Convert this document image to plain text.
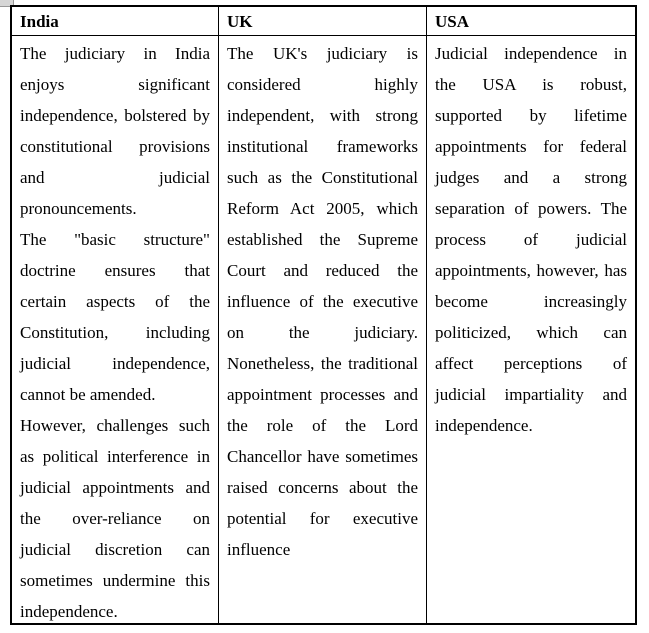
India	UK	USA

The judiciary in India enjoys significant independence, bolstered by constitutional provisions and judicial pronouncements.

The "basic structure" doctrine ensures that certain aspects of the Constitution, including judicial independence, cannot be amended.

However, challenges such as political interference in judicial appointments and the over-reliance on judicial discretion can sometimes undermine this independence.

The UK's judiciary is considered highly independent, with strong institutional frameworks such as the Constitutional Reform Act 2005, which established the Supreme Court and reduced the influence of the executive on the judiciary. Nonetheless, the traditional appointment processes and the role of the Lord Chancellor have sometimes raised concerns about the potential for executive influence

Judicial independence in the USA is robust, supported by lifetime appointments for federal judges and a strong separation of powers. The process of judicial appointments, however, has become increasingly politicized, which can affect perceptions of judicial impartiality and independence.
